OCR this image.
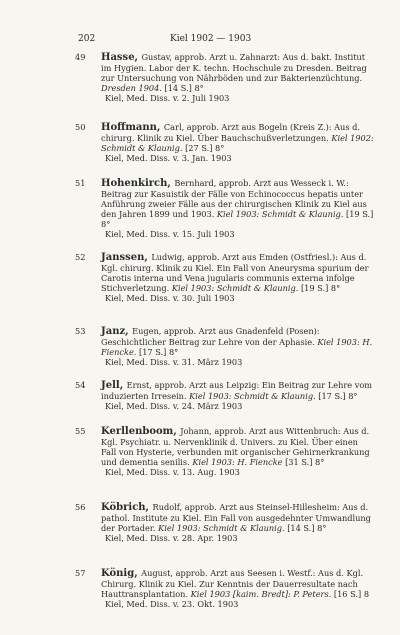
202	Kiel 1902 — 1903
49 Hasse, Gustav, approb. Arzt u. Zahnarzt: Aus d. bakt. Institut im Hygien. Labor der K. techn. Hochschule zu Dresden. Beitrag zur Untersuchung von Nährböden und zur Bakterienzüchtung. Dresden 1904. [14 S.] 8°
Kiel, Med. Diss. v. 2. Juli 1903
50 Hoffmann, Carl, approb. Arzt aus Bogeln (Kreis Z.): Aus d. chirurg. Klinik zu Kiel. Über Bauchschußverletzungen. Kiel 1902: Schmidt & Klaunig. [27 S.] 8°
Kiel, Med. Diss. v. 3. Jan. 1903
51 Hohenkirch, Bernhard, approb. Arzt aus Wesseck i. W.: Beitrag zur Kasuistik der Fälle von Echinococcus hepatis unter Anführung zweier Fälle aus der chirurgischen Klinik zu Kiel aus den Jahren 1899 und 1903. Kiel 1903: Schmidt & Klaunig. [19 S.] 8°
Kiel, Med. Diss. v. 15. Juli 1903
52 Janssen, Ludwig, approb. Arzt aus Emden (Ostfriesl.): Aus d. Kgl. chirurg. Klinik zu Kiel. Ein Fall von Aneurysma spurium der Carotis interna und Vena jugularis communis externa infolge Stichverletzung. Kiel 1903: Schmidt & Klaunig. [19 S.] 8°
Kiel, Med. Diss. v. 30. Juli 1903
53 Janz, Eugen, approb. Arzt aus Gnadenfeld (Posen): Geschichtlicher Beitrag zur Lehre von der Aphasie. Kiel 1903: H. Fiencke. [17 S.] 8°
Kiel, Med. Diss. v. 31. März 1903
54 Jell, Ernst, approb. Arzt aus Leipzig: Ein Beitrag zur Lehre vom induzierten Irresein. Kiel 1903: Schmidt & Klaunig. [17 S.] 8°
Kiel, Med. Diss. v. 24. März 1903
55 Kerllenboom, Johann, approb. Arzt aus Wittenbruch: Aus d. Kgl. Psychiatr. u. Nervenklinik d. Univers. zu Kiel. Über einen Fall von Hysterie, verbunden mit organischer Gehirnerkrankung und dementia senilis. Kiel 1903: H. Fiencke [31 S.] 8°
Kiel, Med. Diss. v. 13. Aug. 1903
56 Köbrich, Rudolf, approb. Arzt aus Steinsel-Hillesheim: Aus d. pathol. Institute zu Kiel. Ein Fall von ausgedehnter Umwandlung der Portader. Kiel 1903: Schmidt & Klaunig. [14 S.] 8°
Kiel, Med. Diss. v. 28. Apr. 1903
57 König, August, approb. Arzt aus Seesen i. Westf.: Aus d. Kgl. Chirurg. Klinik zu Kiel. Zur Kenntnis der Dauerresultate nach Hauttransplantation. Kiel 1903 [kaim. Bredt]: P. Peters. [16 S.] 8
Kiel, Med. Diss. v. 23. Okt. 1903
